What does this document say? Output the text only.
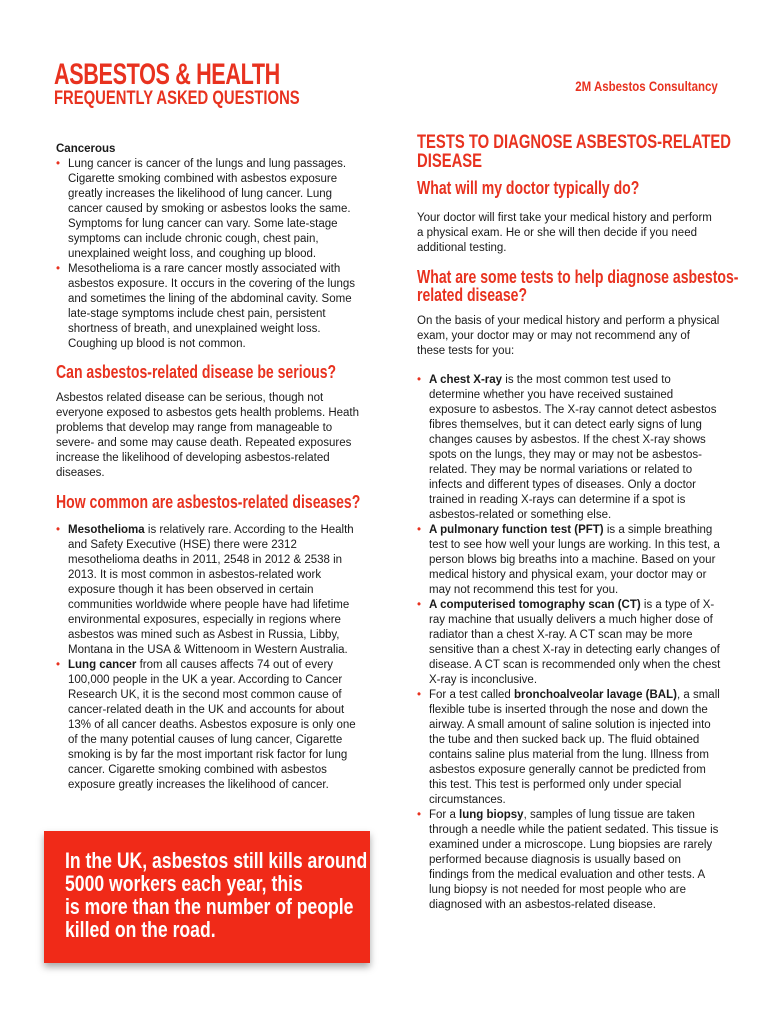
ASBESTOS & HEALTH
FREQUENTLY ASKED QUESTIONS
2M Asbestos Consultancy

Cancerous

• Lung cancer is cancer of the lungs and lung passages. Cigarette smoking combined with asbestos exposure greatly increases the likelihood of lung cancer. Lung cancer caused by smoking or asbestos looks the same. Symptoms for lung cancer can vary. Some late-stage symptoms can include chronic cough, chest pain, unexplained weight loss, and coughing up blood.
• Mesothelioma is a rare cancer mostly associated with asbestos exposure. It occurs in the covering of the lungs and sometimes the lining of the abdominal cavity. Some late-stage symptoms include chest pain, persistent shortness of breath, and unexplained weight loss. Coughing up blood is not common.
Can asbestos-related disease be serious?

Asbestos related disease can be serious, though not everyone exposed to asbestos gets health problems. Heath problems that develop may range from manageable to severe- and some may cause death. Repeated exposures increase the likelihood of developing asbestos-related diseases.

How common are asbestos-related diseases?
• Mesothelioma is relatively rare. According to the Health and Safety Executive (HSE) there were 2312 mesothelioma deaths in 2011, 2548 in 2012 & 2538 in 2013. It is most common in asbestos-related work exposure though it has been observed in certain communities worldwide where people have had lifetime environmental exposures, especially in regions where asbestos was mined such as Asbest in Russia, Libby, Montana in the USA & Wittenoom in Western Australia.
• Lung cancer from all causes affects 74 out of every 100,000 people in the UK a year. According to Cancer Research UK, it is the second most common cause of cancer-related death in the UK and accounts for about 13% of all cancer deaths. Asbestos exposure is only one of the many potential causes of lung cancer, Cigarette smoking is by far the most important risk factor for lung cancer. Cigarette smoking combined with asbestos exposure greatly increases the likelihood of cancer.
In the UK, asbestos still kills around
5000 workers each year, this
is more than the number of people
killed on the road.
TESTS TO DIAGNOSE ASBESTOS-RELATED
DISEASE
What will my doctor typically do?

Your doctor will first take your medical history and perform a physical exam. He or she will then decide if you need additional testing.

What are some tests to help diagnose asbestos-
related disease?

On the basis of your medical history and perform a physical exam, your doctor may or may not recommend any of these tests for you:

• A chest X-ray is the most common test used to determine whether you have received sustained exposure to asbestos. The X-ray cannot detect asbestos fibres themselves, but it can detect early signs of lung changes causes by asbestos. If the chest X-ray shows spots on the lungs, they may or may not be asbestos-related. They may be normal variations or related to infects and different types of diseases. Only a doctor trained in reading X-rays can determine if a spot is asbestos-related or something else.
• A pulmonary function test (PFT) is a simple breathing test to see how well your lungs are working. In this test, a person blows big breaths into a machine. Based on your medical history and physical exam, your doctor may or may not recommend this test for you.
• A computerised tomography scan (CT) is a type of X-ray machine that usually delivers a much higher dose of radiator than a chest X-ray. A CT scan may be more sensitive than a chest X-ray in detecting early changes of disease. A CT scan is recommended only when the chest X-ray is inconclusive.
• For a test called bronchoalveolar lavage (BAL), a small flexible tube is inserted through the nose and down the airway. A small amount of saline solution is injected into the tube and then sucked back up. The fluid obtained contains saline plus material from the lung. Illness from asbestos exposure generally cannot be predicted from this test. This test is performed only under special circumstances.
• For a lung biopsy, samples of lung tissue are taken through a needle while the patient sedated. This tissue is examined under a microscope. Lung biopsies are rarely performed because diagnosis is usually based on findings from the medical evaluation and other tests. A lung biopsy is not needed for most people who are diagnosed with an asbestos-related disease.
